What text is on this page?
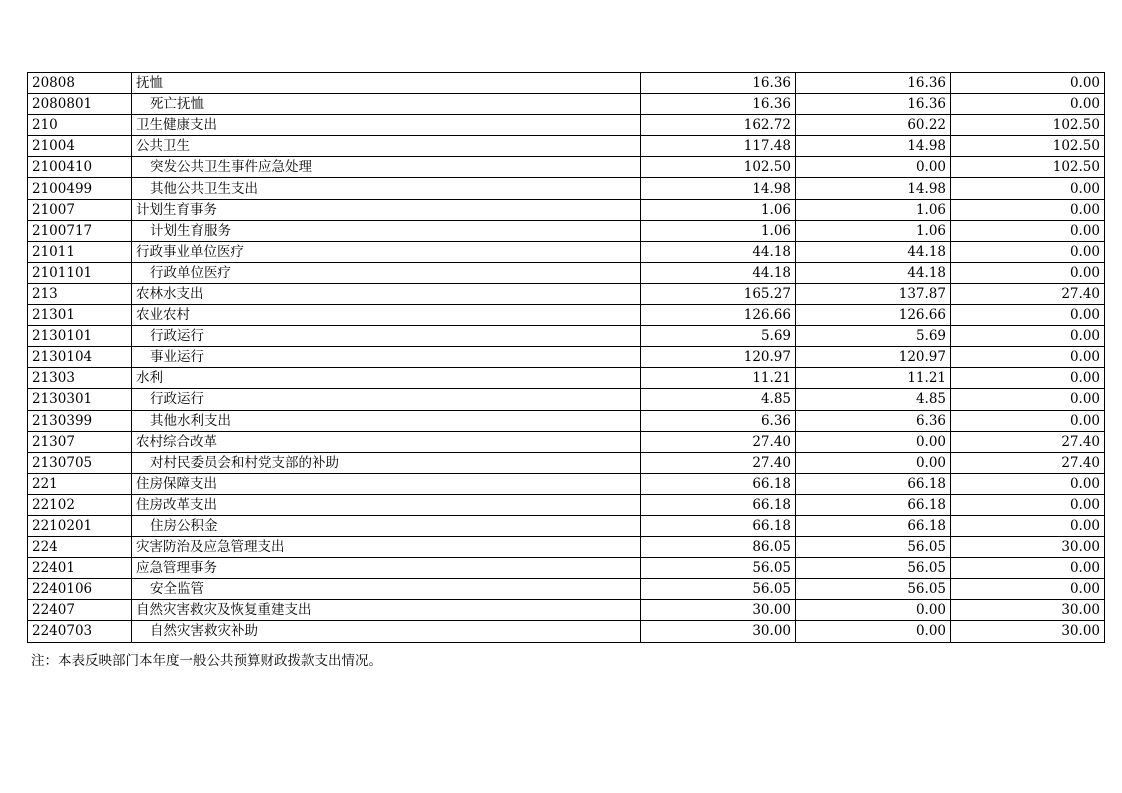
20808	抚恤	16.36	16.36	0.00
2080801	死亡抚恤	16.36	16.36	0.00
210	卫生健康支出	162.72	60.22	102.50
21004	公共卫生	117.48	14.98	102.50
2100410	突发公共卫生事件应急处理	102.50	0.00	102.50
2100499	其他公共卫生支出	14.98	14.98	0.00
21007	计划生育事务	1.06	1.06	0.00
2100717	计划生育服务	1.06	1.06	0.00
21011	行政事业单位医疗	44.18	44.18	0.00
2101101	行政单位医疗	44.18	44.18	0.00
213	农林水支出	165.27	137.87	27.40
21301	农业农村	126.66	126.66	0.00
2130101	行政运行	5.69	5.69	0.00
2130104	事业运行	120.97	120.97	0.00
21303	水利	11.21	11.21	0.00
2130301	行政运行	4.85	4.85	0.00
2130399	其他水利支出	6.36	6.36	0.00
21307	农村综合改革	27.40	0.00	27.40
2130705	对村民委员会和村党支部的补助	27.40	0.00	27.40
221	住房保障支出	66.18	66.18	0.00
22102	住房改革支出	66.18	66.18	0.00
2210201	住房公积金	66.18	66.18	0.00
224	灾害防治及应急管理支出	86.05	56.05	30.00
22401	应急管理事务	56.05	56.05	0.00
2240106	安全监管	56.05	56.05	0.00
22407	自然灾害救灾及恢复重建支出	30.00	0.00	30.00
2240703	自然灾害救灾补助	30.00	0.00	30.00
注：本表反映部门本年度一般公共预算财政拨款支出情况。
